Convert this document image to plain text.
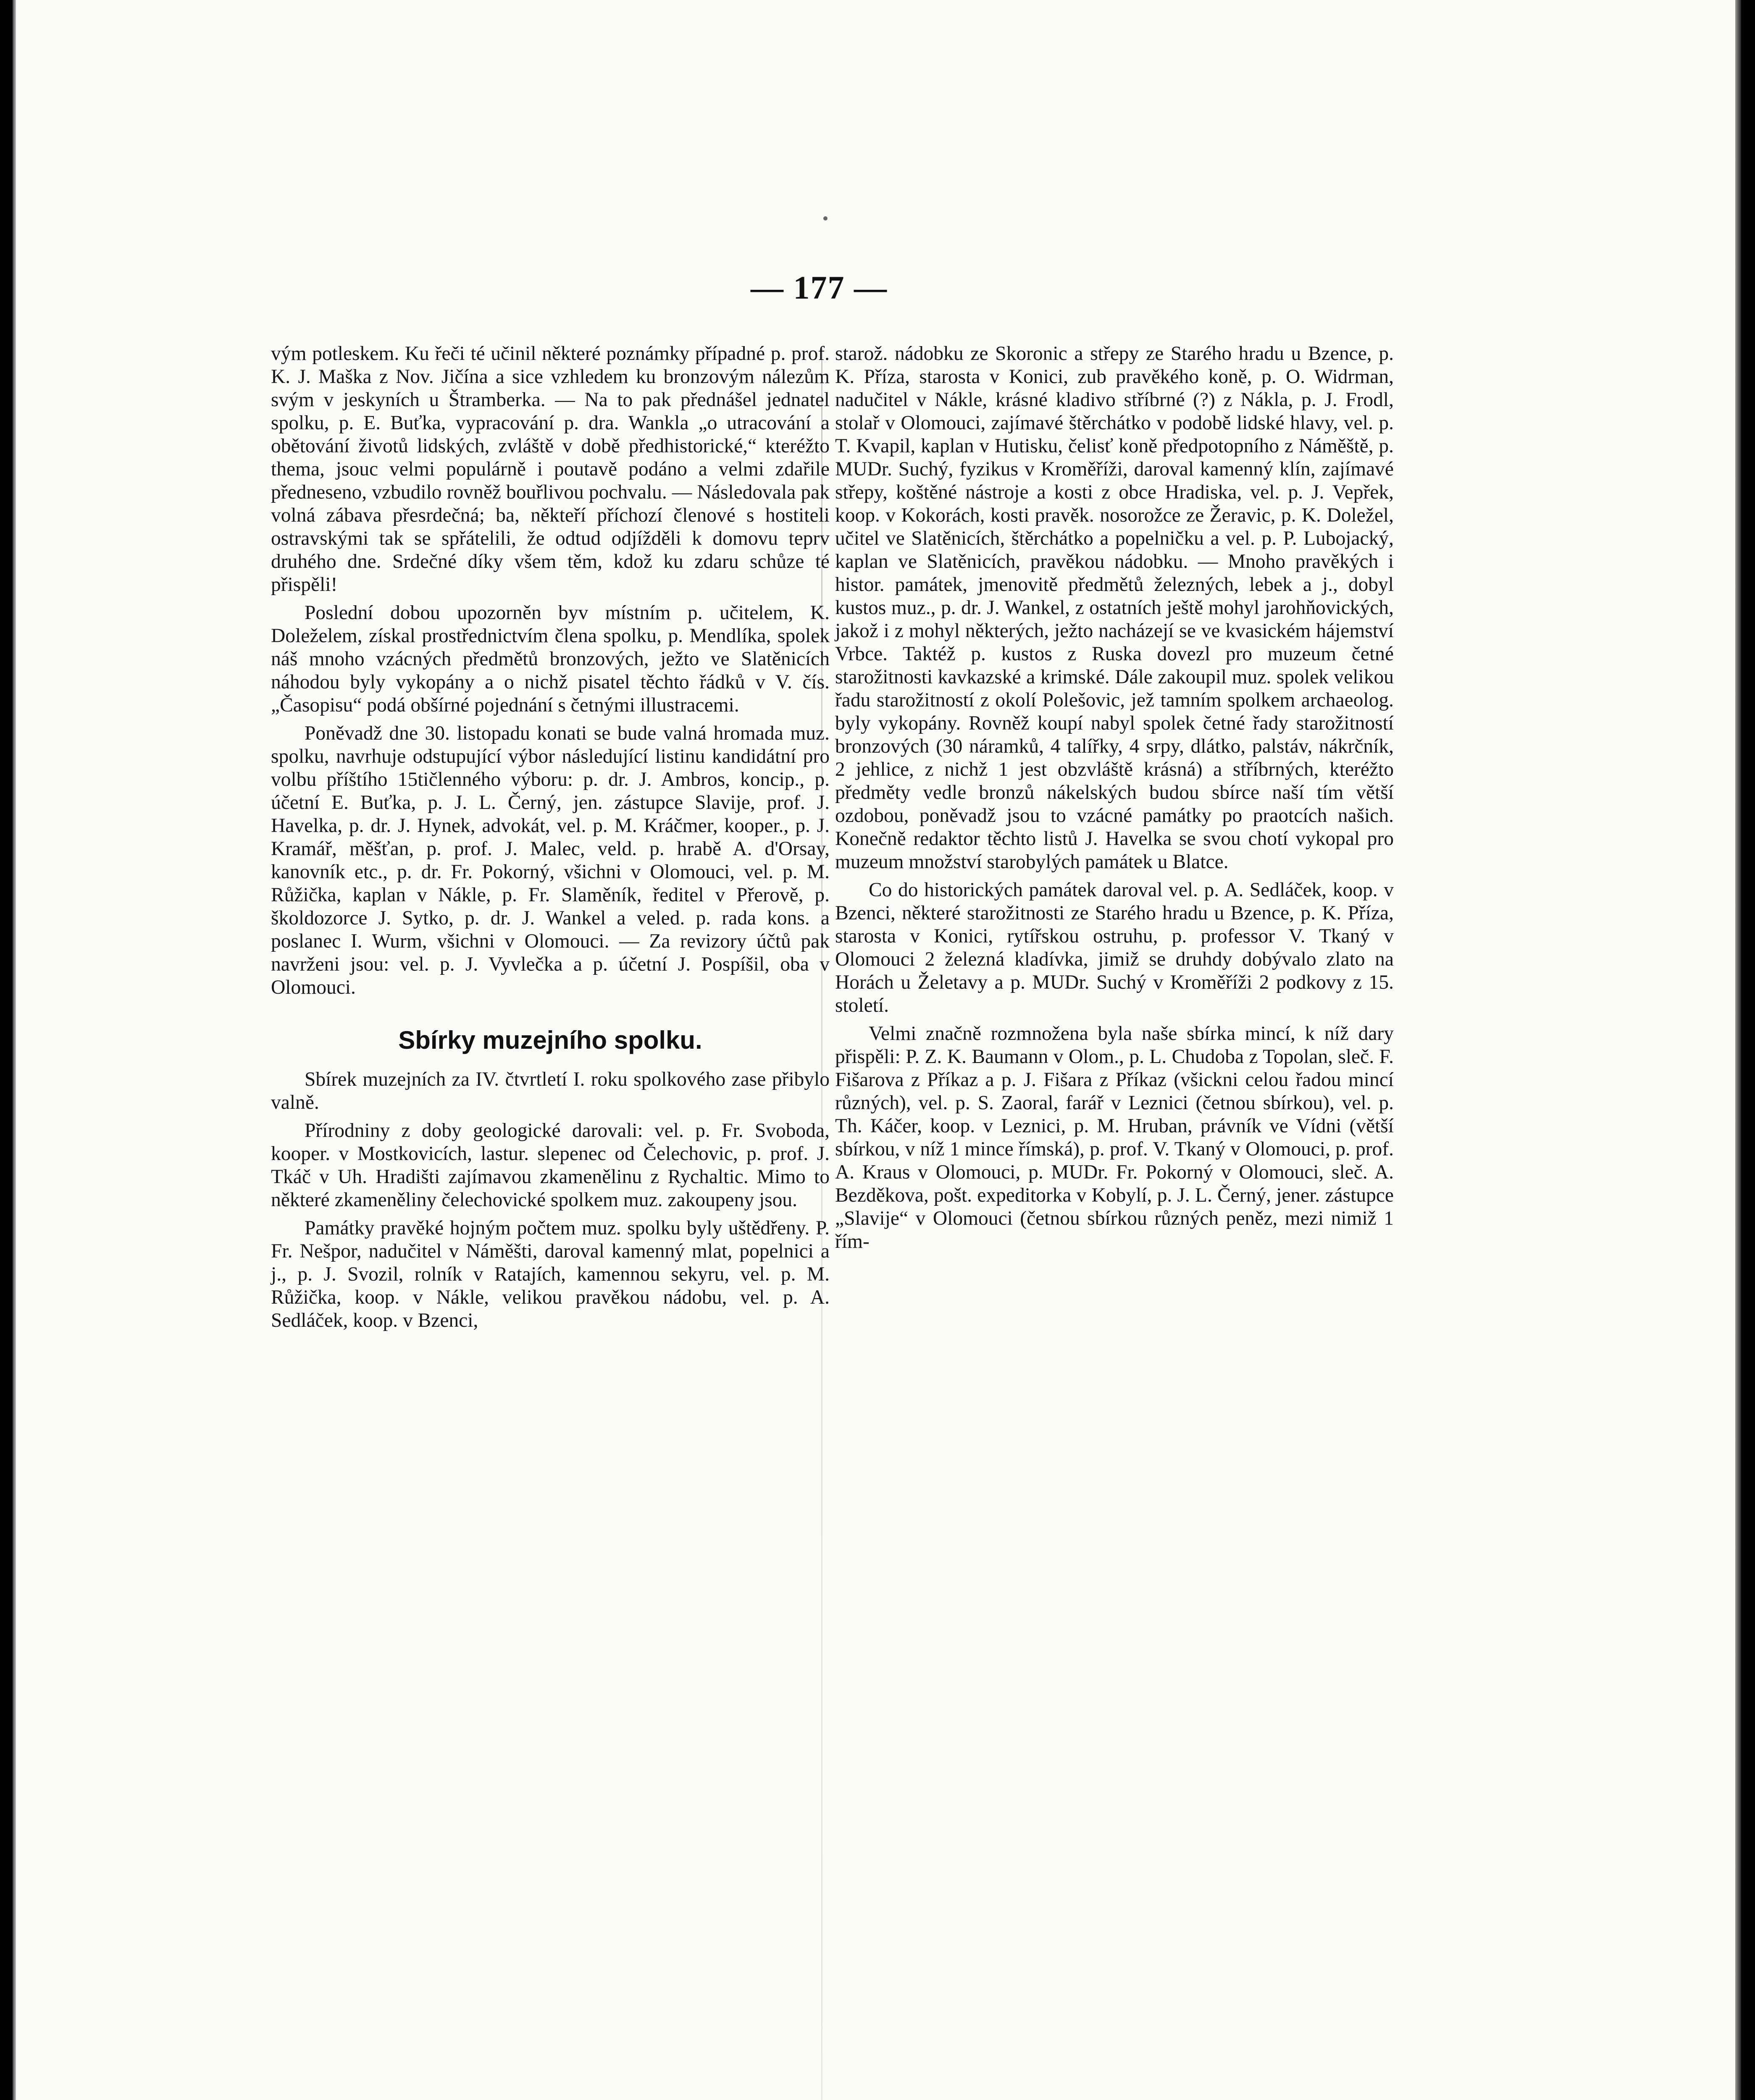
— 177 —

vým potleskem. Ku řeči té učinil některé poznámky případné p. prof. K. J. Maška z Nov. Jičína a sice vzhledem ku bronzovým nálezům svým v jeskyních u Štramberka. — Na to pak přednášel jednatel spolku, p. E. Buťka, vypracování p. dra. Wankla „o utracování a obětování životů lidských, zvláště v době předhistorické,“ kteréžto thema, jsouc velmi populárně i poutavě podáno a velmi zdařile předneseno, vzbudilo rovněž bouřlivou pochvalu. — Následovala pak volná zábava přesrdečná; ba, někteří příchozí členové s hostiteli ostravskými tak se spřátelili, že odtud odjížděli k domovu teprv druhého dne. Srdečné díky všem těm, kdož ku zdaru schůze té přispěli!

Poslední dobou upozorněn byv místním p. učitelem, K. Doleželem, získal prostřednictvím člena spolku, p. Mendlíka, spolek náš mnoho vzácných předmětů bronzových, ježto ve Slatěnicích náhodou byly vykopány a o nichž pisatel těchto řádků v V. čís. „Časopisu“ podá obšírné pojednání s četnými illustracemi.

Poněvadž dne 30. listopadu konati se bude valná hromada muz. spolku, navrhuje odstupující výbor následující listinu kandidátní pro volbu příštího 15tičlenného výboru: p. dr. J. Ambros, koncip., p. účetní E. Buťka, p. J. L. Černý, jen. zástupce Slavije, prof. J. Havelka, p. dr. J. Hynek, advokát, vel. p. M. Kráčmer, kooper., p. J. Kramář, měšťan, p. prof. J. Malec, veld. p. hrabě A. d'Orsay, kanovník etc., p. dr. Fr. Pokorný, všichni v Olomouci, vel. p. M. Růžička, kaplan v Nákle, p. Fr. Slaměník, ředitel v Přerově, p. školdozorce J. Sytko, p. dr. J. Wankel a veled. p. rada kons. a poslanec I. Wurm, všichni v Olomouci. — Za revizory účtů pak navrženi jsou: vel. p. J. Vyvlečka a p. účetní J. Pospíšil, oba v Olomouci.

Sbírky muzejního spolku.

Sbírek muzejních za IV. čtvrtletí I. roku spolkového zase přibylo valně.

Přírodniny z doby geologické darovali: vel. p. Fr. Svoboda, kooper. v Mostkovicích, lastur. slepenec od Čelechovic, p. prof. J. Tkáč v Uh. Hradišti zajímavou zkamenělinu z Rychaltic. Mimo to některé zkameněliny čelechovické spolkem muz. zakoupeny jsou.

Památky pravěké hojným počtem muz. spolku byly uštědřeny. P. Fr. Nešpor, nadučitel v Náměšti, daroval kamenný mlat, popelnici a j., p. J. Svozil, rolník v Ratajích, kamennou sekyru, vel. p. M. Růžička, koop. v Nákle, velikou pravěkou nádobu, vel. p. A. Sedláček, koop. v Bzenci,

starož. nádobku ze Skoronic a střepy ze Starého hradu u Bzence, p. K. Příza, starosta v Konici, zub pravěkého koně, p. O. Widrman, nadučitel v Nákle, krásné kladivo stříbrné (?) z Nákla, p. J. Frodl, stolař v Olomouci, zajímavé štěrchátko v podobě lidské hlavy, vel. p. T. Kvapil, kaplan v Hutisku, čelisť koně předpotopního z Náměště, p. MUDr. Suchý, fyzikus v Kroměříži, daroval kamenný klín, zajímavé střepy, koštěné nástroje a kosti z obce Hradiska, vel. p. J. Vepřek, koop. v Kokorách, kosti pravěk. nosorožce ze Žeravic, p. K. Doležel, učitel ve Slatěnicích, štěrchátko a popelničku a vel. p. P. Lubojacký, kaplan ve Slatěnicích, pravěkou nádobku. — Mnoho pravěkých i histor. památek, jmenovitě předmětů železných, lebek a j., dobyl kustos muz., p. dr. J. Wankel, z ostatních ještě mohyl jarohňovických, jakož i z mohyl některých, ježto nacházejí se ve kvasickém hájemství Vrbce. Taktéž p. kustos z Ruska dovezl pro muzeum četné starožitnosti kavkazské a krimské. Dále zakoupil muz. spolek velikou řadu starožitností z okolí Polešovic, jež tamním spolkem archaeolog. byly vykopány. Rovněž koupí nabyl spolek četné řady starožitností bronzových (30 náramků, 4 talířky, 4 srpy, dlátko, palstáv, nákrčník, 2 jehlice, z nichž 1 jest obzvláště krásná) a stříbrných, kteréžto předměty vedle bronzů nákelských budou sbírce naší tím větší ozdobou, poněvadž jsou to vzácné památky po praotcích našich. Konečně redaktor těchto listů J. Havelka se svou chotí vykopal pro muzeum množství starobylých památek u Blatce.

Co do historických památek daroval vel. p. A. Sedláček, koop. v Bzenci, některé starožitnosti ze Starého hradu u Bzence, p. K. Příza, starosta v Konici, rytířskou ostruhu, p. professor V. Tkaný v Olomouci 2 železná kladívka, jimiž se druhdy dobývalo zlato na Horách u Želetavy a p. MUDr. Suchý v Kroměříži 2 podkovy z 15. století.

Velmi značně rozmnožena byla naše sbírka mincí, k níž dary přispěli: P. Z. K. Baumann v Olom., p. L. Chudoba z Topolan, sleč. F. Fišarova z Příkaz a p. J. Fišara z Příkaz (všickni celou řadou mincí různých), vel. p. S. Zaoral, farář v Leznici (četnou sbírkou), vel. p. Th. Káčer, koop. v Leznici, p. M. Hruban, právník ve Vídni (větší sbírkou, v níž 1 mince římská), p. prof. V. Tkaný v Olomouci, p. prof. A. Kraus v Olomouci, p. MUDr. Fr. Pokorný v Olomouci, slеč. A. Bezděkova, pošt. expeditorka v Kobylí, p. J. L. Černý, jener. zástupce „Slavije“ v Olomouci (četnou sbírkou různých peněz, mezi nimiž 1 řím-
